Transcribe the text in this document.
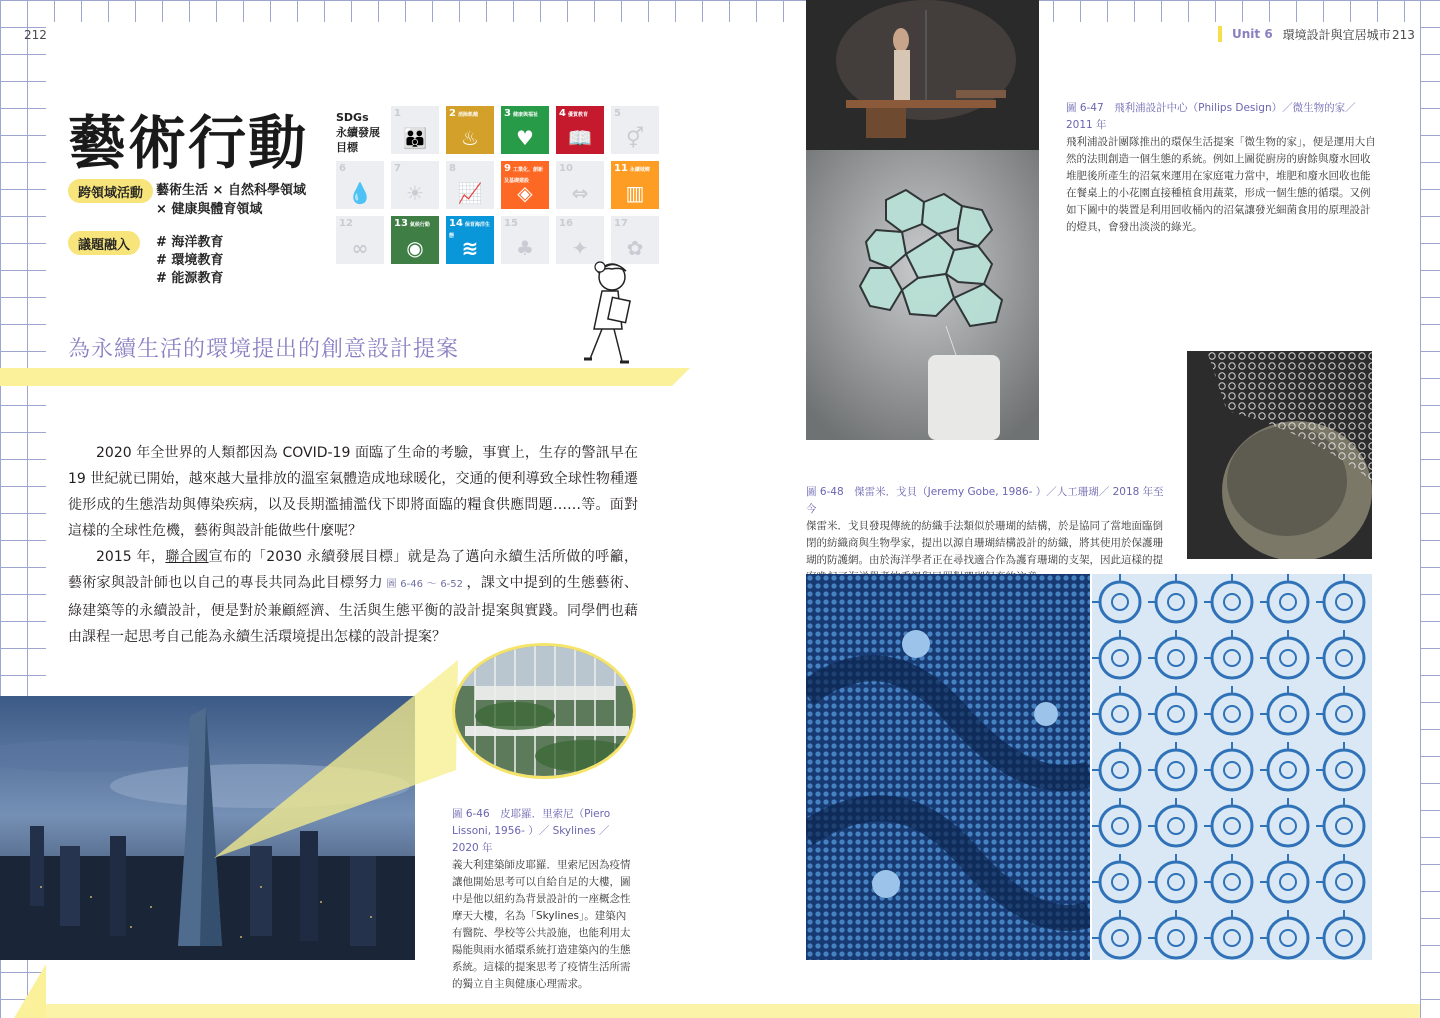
212	Unit 6 環境設計與宜居城市 213
藝術行動
跨領域活動 藝術生活 × 自然科學領域
× 健康與體育領域
議題融入	# 海洋教育
# 環境教育
# 能源教育
1
👪
2 消除飢餓
♨
3 健康與福祉
♥
4 優質教育
📖
5
⚥
6
💧
7
☀
8
📈
9 工業化、創新及基礎建設
◈
10
⇔
11 永續城鄉
▥
12
∞
13 氣候行動
◉
14 保育海洋生態 ≋
15
♣
16
✦
17
✿
SDGs
永續發展
目標
為永續生活的環境提出的創意設計提案

2020 年全世界的人類都因為 COVID-19 面臨了生命的考驗，事實上，生存的警訊早在 19 世紀就已開始，越來越大量排放的溫室氣體造成地球暖化，交通的便利導致全球性物種遷徙形成的生態浩劫與傳染疾病，以及長期濫捕濫伐下即將面臨的糧食供應問題……等。面對這樣的全球性危機，藝術與設計能做些什麼呢？

2015 年，聯合國宣布的「2030 永續發展目標」就是為了邁向永續生活所做的呼籲，藝術家與設計師也以自己的專長共同為此目標努力 圖 6-46 ～ 6-52 ，課文中提到的生態藝術、綠建築等的永續設計，便是對於兼顧經濟、生活與生態平衡的設計提案與實踐。同學們也藉由課程一起思考自己能為永續生活環境提出怎樣的設計提案？

圖 6-46　皮耶羅．里索尼（Piero Lissoni, 1956- ）／ Skylines ／ 2020 年
義大利建築師皮耶羅．里索尼因為疫情讓他開始思考可以自給自足的大樓，圖中是他以紐約為背景設計的一座概念性摩天大樓，名為「Skylines」。建築內有醫院、學校等公共設施，也能利用太陽能與雨水循環系統打造建築內的生態系統。這樣的提案思考了疫情生活所需的獨立自主與健康心理需求。
圖 6-47　飛利浦設計中心（Philips Design）／微生物的家／ 2011 年
飛利浦設計團隊推出的環保生活提案「微生物的家」，便是運用大自然的法則創造一個生態的系統。例如上圖從廚房的廚餘與廢水回收堆肥後所產生的沼氣來運用在家庭電力當中，堆肥和廢水回收也能在餐桌上的小花園直接種植食用蔬菜，形成一個生態的循環。又例如下圖中的裝置是利用回收桶內的沼氣讓發光細菌食用的原理設計的燈具，會發出淡淡的綠光。
圖 6-48　傑雷米．戈貝（Jeremy Gobe, 1986- ）／人工珊瑚／ 2018 年至今
傑雷米．戈貝發現傳統的紡織手法類似於珊瑚的結構，於是協同了當地面臨倒閉的紡織商與生物學家，提出以源自珊瑚結構設計的紡織，將其使用於保護珊瑚的防護網。由於海洋學者正在尋找適合作為護育珊瑚的支架，因此這樣的提
